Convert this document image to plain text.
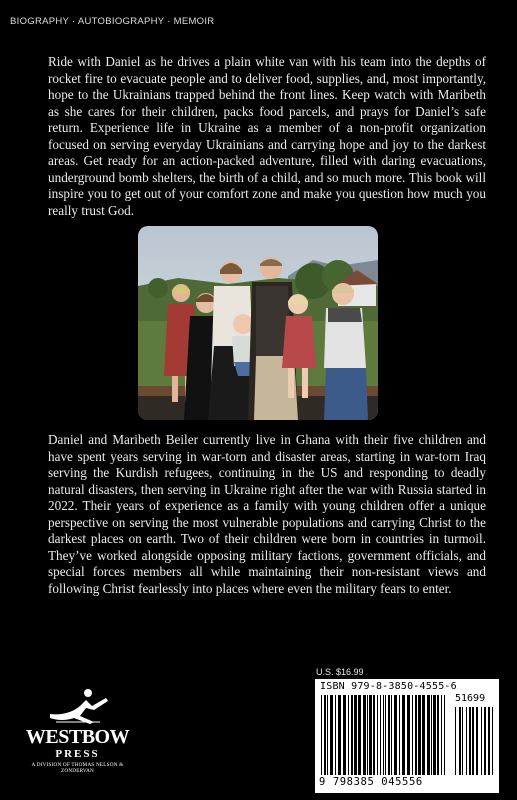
BIOGRAPHY · AUTOBIOGRAPHY · MEMOIR

Ride with Daniel as he drives a plain white van with his team into the depths of rocket fire to evacuate people and to deliver food, supplies, and, most importantly, hope to the Ukrainians trapped behind the front lines. Keep watch with Maribeth as she cares for their children, packs food parcels, and prays for Daniel’s safe return. Experience life in Ukraine as a member of a non-profit organization focused on serving everyday Ukrainians and carrying hope and joy to the darkest areas. Get ready for an action-packed adventure, filled with daring evacuations, underground bomb shelters, the birth of a child, and so much more. This book will inspire you to get out of your comfort zone and make you question how much you really trust God.

Daniel and Maribeth Beiler currently live in Ghana with their five children and have spent years serving in war-torn and disaster areas, starting in war-torn Iraq serving the Kurdish refugees, continuing in the US and responding to deadly natural disasters, then serving in Ukraine right after the war with Russia started in 2022. Their years of experience as a family with young children offer a unique perspective on serving the most vulnerable populations and carrying Christ to the darkest places on earth. Two of their children were born in countries in turmoil. They’ve worked alongside opposing military factions, government officials, and special forces members all while maintaining their non-resistant views and following Christ fearlessly into places where even the military fears to enter.

U.S. $16.99
ISBN 979-8-3850-4555-6
51699
9 798385 045556
WESTBOW
PRESS
A DIVISION OF THOMAS NELSON & ZONDERVAN
